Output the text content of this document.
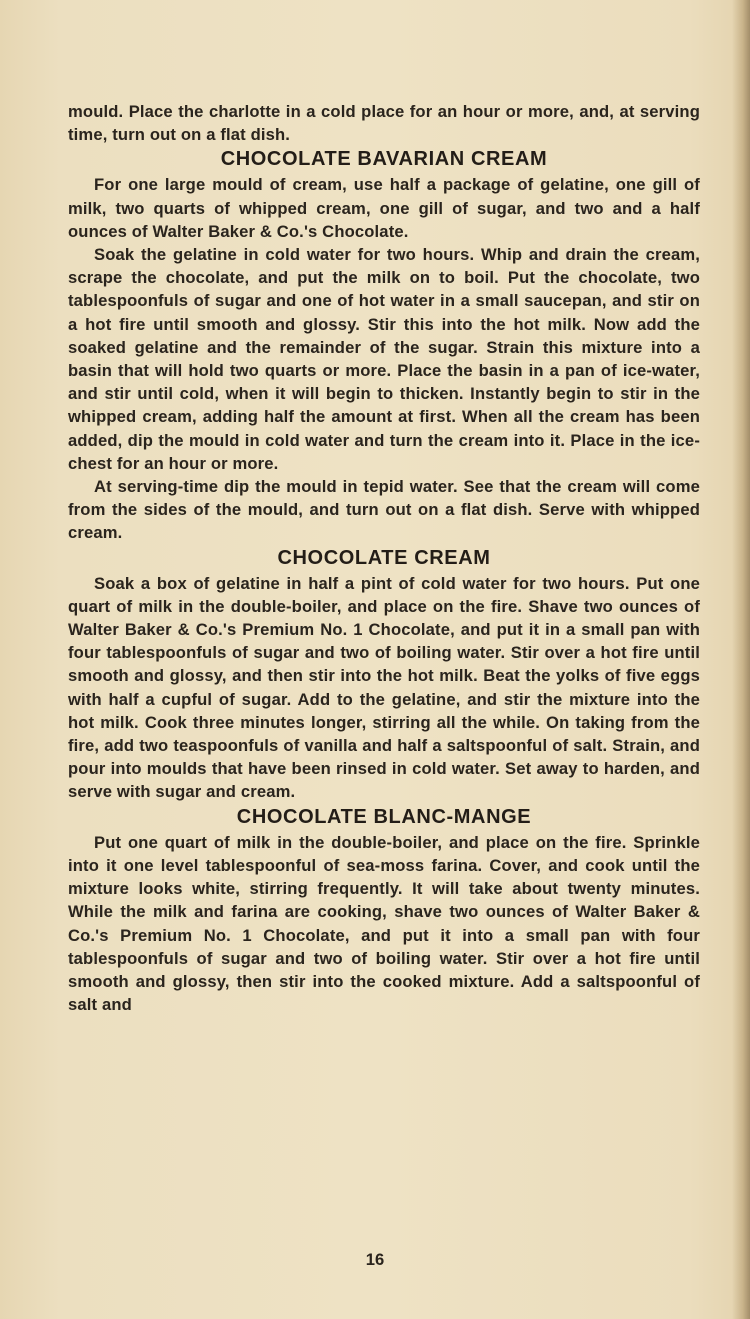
mould. Place the charlotte in a cold place for an hour or more, and, at serving time, turn out on a flat dish.

CHOCOLATE BAVARIAN CREAM

For one large mould of cream, use half a package of gelatine, one gill of milk, two quarts of whipped cream, one gill of sugar, and two and a half ounces of Walter Baker & Co.'s Chocolate.

Soak the gelatine in cold water for two hours. Whip and drain the cream, scrape the chocolate, and put the milk on to boil. Put the chocolate, two tablespoonfuls of sugar and one of hot water in a small saucepan, and stir on a hot fire until smooth and glossy. Stir this into the hot milk. Now add the soaked gelatine and the remainder of the sugar. Strain this mixture into a basin that will hold two quarts or more. Place the basin in a pan of ice-water, and stir until cold, when it will begin to thicken. Instantly begin to stir in the whipped cream, adding half the amount at first. When all the cream has been added, dip the mould in cold water and turn the cream into it. Place in the ice-chest for an hour or more.

At serving-time dip the mould in tepid water. See that the cream will come from the sides of the mould, and turn out on a flat dish. Serve with whipped cream.

CHOCOLATE CREAM

Soak a box of gelatine in half a pint of cold water for two hours. Put one quart of milk in the double-boiler, and place on the fire. Shave two ounces of Walter Baker & Co.'s Premium No. 1 Chocolate, and put it in a small pan with four tablespoonfuls of sugar and two of boiling water. Stir over a hot fire until smooth and glossy, and then stir into the hot milk. Beat the yolks of five eggs with half a cupful of sugar. Add to the gelatine, and stir the mixture into the hot milk. Cook three minutes longer, stirring all the while. On taking from the fire, add two teaspoonfuls of vanilla and half a saltspoonful of salt. Strain, and pour into moulds that have been rinsed in cold water. Set away to harden, and serve with sugar and cream.

CHOCOLATE BLANC-MANGE

Put one quart of milk in the double-boiler, and place on the fire. Sprinkle into it one level tablespoonful of sea-moss farina. Cover, and cook until the mixture looks white, stirring frequently. It will take about twenty minutes. While the milk and farina are cooking, shave two ounces of Walter Baker & Co.'s Premium No. 1 Chocolate, and put it into a small pan with four tablespoonfuls of sugar and two of boiling water. Stir over a hot fire until smooth and glossy, then stir into the cooked mixture. Add a saltspoonful of salt and

16
